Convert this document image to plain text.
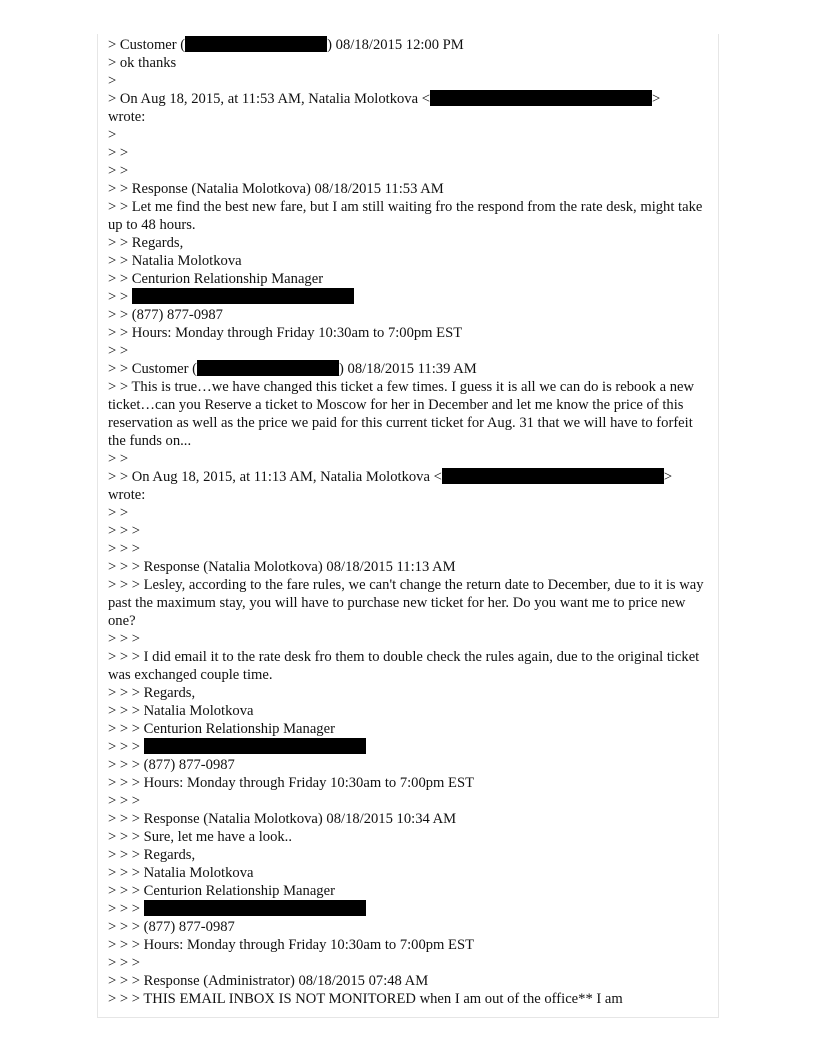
> Customer (	) 08/18/2015 12:00 PM
> ok thanks
>
> On Aug 18, 2015, at 11:53 AM, Natalia Molotkova <	>
wrote:
>
> >
> >
> > Response (Natalia Molotkova) 08/18/2015 11:53 AM
> > Let me find the best new fare, but I am still waiting fro the respond from the rate desk, might take up to 48 hours.
> > Regards,
> > Natalia Molotkova
> > Centurion Relationship Manager
> >
> > (877) 877-0987
> > Hours: Monday through Friday 10:30am to 7:00pm EST
> >
> > Customer (	) 08/18/2015 11:39 AM
> > This is true…we have changed this ticket a few times. I guess it is all we can do is rebook a new ticket…can you Reserve a ticket to Moscow for her in December and let me know the price of this reservation as well as the price we paid for this current ticket for Aug. 31 that we will have to forfeit the funds on...
> >
> > On Aug 18, 2015, at 11:13 AM, Natalia Molotkova <	>
wrote:
> >
> > >
> > >
> > > Response (Natalia Molotkova) 08/18/2015 11:13 AM
> > > Lesley, according to the fare rules, we can't change the return date to December, due to it is way past the maximum stay, you will have to purchase new ticket for her. Do you want me to price new one?
> > >
> > > I did email it to the rate desk fro them to double check the rules again, due to the original ticket was exchanged couple time.
> > > Regards,
> > > Natalia Molotkova
> > > Centurion Relationship Manager
> > >
> > > (877) 877-0987
> > > Hours: Monday through Friday 10:30am to 7:00pm EST
> > >
> > > Response (Natalia Molotkova) 08/18/2015 10:34 AM
> > > Sure, let me have a look..
> > > Regards,
> > > Natalia Molotkova
> > > Centurion Relationship Manager
> > >
> > > (877) 877-0987
> > > Hours: Monday through Friday 10:30am to 7:00pm EST
> > >
> > > Response (Administrator) 08/18/2015 07:48 AM
> > > THIS EMAIL INBOX IS NOT MONITORED when I am out of the office** I am
